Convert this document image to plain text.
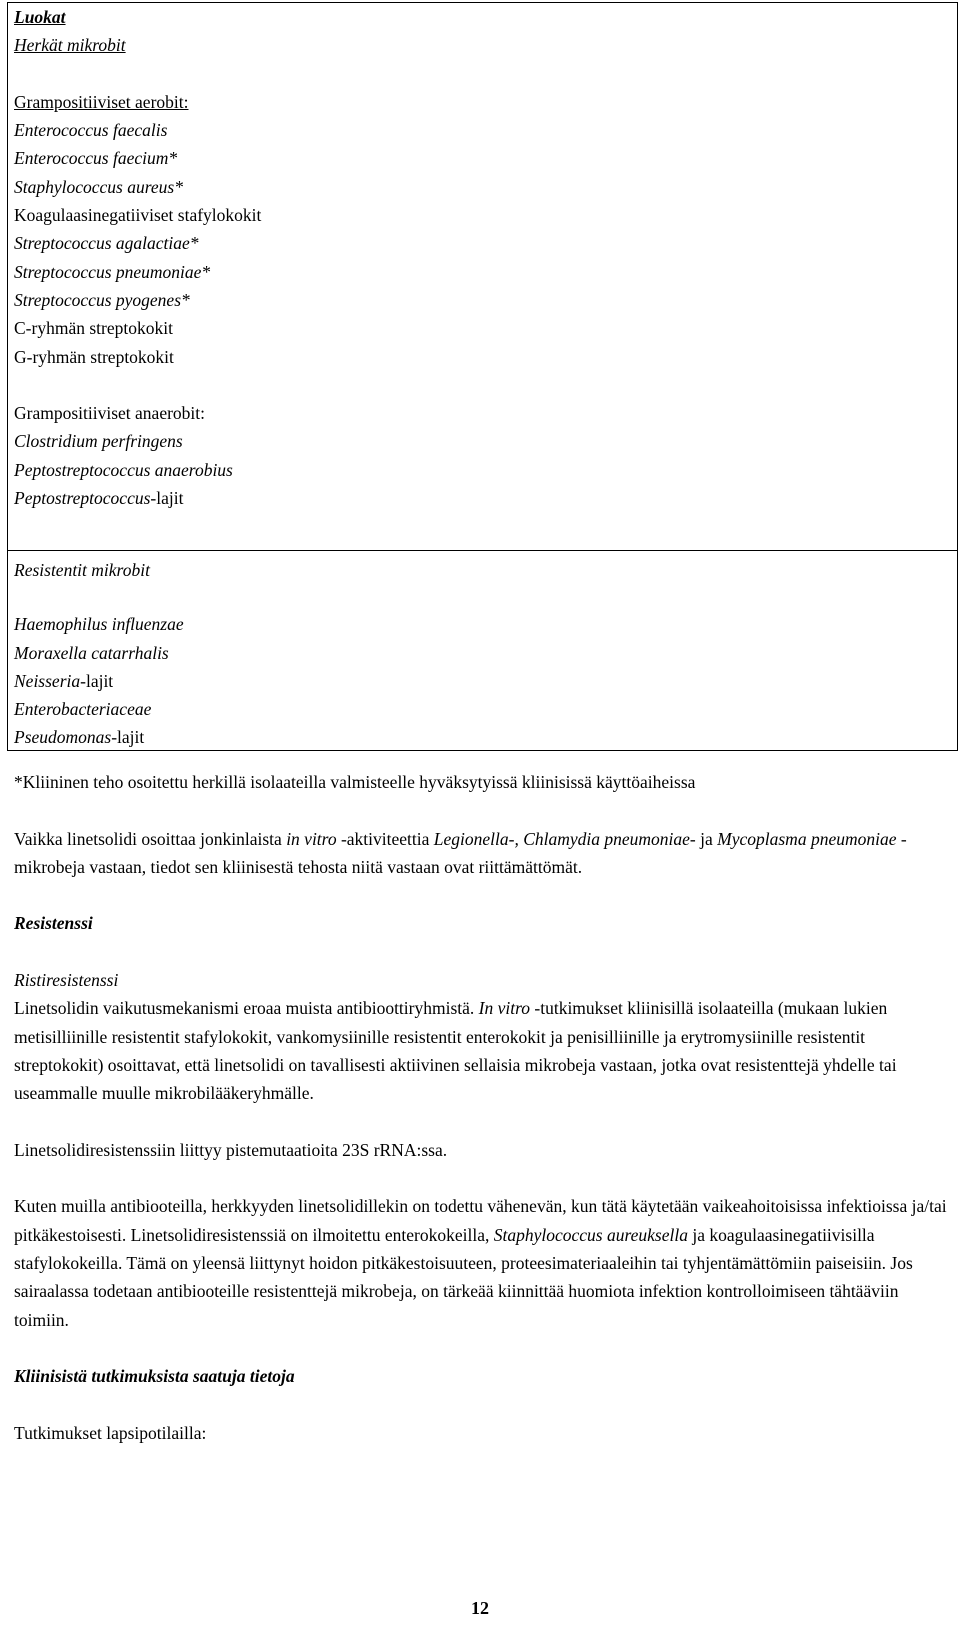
Luokat
Herkät mikrobit
Grampositiiviset aerobit:
Enterococcus faecalis
Enterococcus faecium*
Staphylococcus aureus*
Koagulaasinegatiiviset stafylokokit
Streptococcus agalactiae*
Streptococcus pneumoniae*
Streptococcus pyogenes*
C-ryhmän streptokokit
G-ryhmän streptokokit
Grampositiiviset anaerobit:
Clostridium perfringens
Peptostreptococcus anaerobius
Peptostreptococcus-lajit
Resistentit mikrobit
Haemophilus influenzae
Moraxella catarrhalis
Neisseria-lajit
Enterobacteriaceae
Pseudomonas-lajit

*Kliininen teho osoitettu herkillä isolaateilla valmisteelle hyväksytyissä kliinisissä käyttöaiheissa

Vaikka linetsolidi osoittaa jonkinlaista in vitro -aktiviteettia Legionella-, Chlamydia pneumoniae- ja Mycoplasma pneumoniae -mikrobeja vastaan, tiedot sen kliinisestä tehosta niitä vastaan ovat riittämättömät.

Resistenssi

Ristiresistenssi

Linetsolidin vaikutusmekanismi eroaa muista antibioottiryhmistä. In vitro -tutkimukset kliinisillä isolaateilla (mukaan lukien metisilliinille resistentit stafylokokit, vankomysiinille resistentit enterokokit ja penisilliinille ja erytromysiinille resistentit streptokokit) osoittavat, että linetsolidi on tavallisesti aktiivinen sellaisia mikrobeja vastaan, jotka ovat resistenttejä yhdelle tai useammalle muulle mikrobilääkeryhmälle.

Linetsolidiresistenssiin liittyy pistemutaatioita 23S rRNA:ssa.

Kuten muilla antibiooteilla, herkkyyden linetsolidillekin on todettu vähenevän, kun tätä käytetään vaikeahoitoisissa infektioissa ja/tai pitkäkestoisesti. Linetsolidiresistenssiä on ilmoitettu enterokokeilla, Staphylococcus aureuksella ja koagulaasinegatiivisilla stafylokokeilla. Tämä on yleensä liittynyt hoidon pitkäkestoisuuteen, proteesimateriaaleihin tai tyhjentämättömiin paiseisiin. Jos sairaalassa todetaan antibiooteille resistenttejä mikrobeja, on tärkeää kiinnittää huomiota infektion kontrolloimiseen tähtääviin toimiin.

Kliinisistä tutkimuksista saatuja tietoja

Tutkimukset lapsipotilailla:

12
